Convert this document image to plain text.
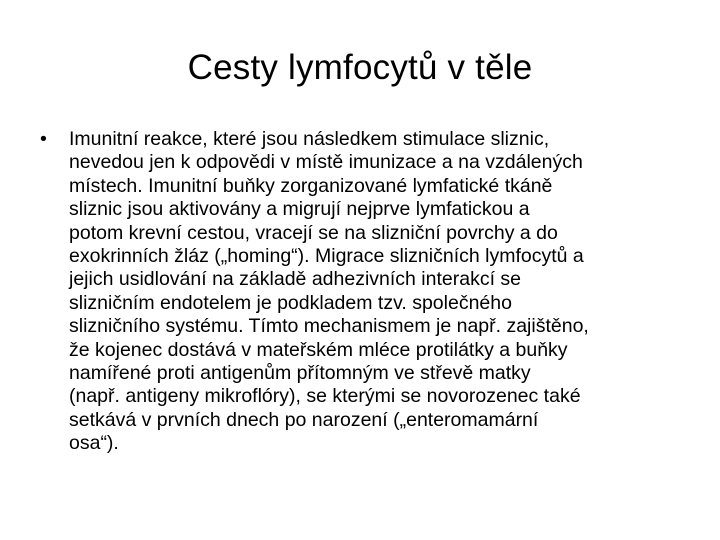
Cesty lymfocytů v těle
• Imunitní reakce, které jsou následkem stimulace sliznic,
nevedou jen k odpovědi v místě imunizace a na vzdálených
místech. Imunitní buňky zorganizované lymfatické tkáně
sliznic jsou aktivovány a migrují nejprve lymfatickou a
potom krevní cestou, vracejí se na slizniční povrchy a do
exokrinních žláz („homing“). Migrace slizničních lymfocytů a
jejich usidlování na základě adhezivních interakcí se
slizničním endotelem je podkladem tzv. společného
slizničního systému. Tímto mechanismem je např. zajištěno,
že kojenec dostává v mateřském mléce protilátky a buňky
namířené proti antigenům přítomným ve střevě matky
(např. antigeny mikroflóry), se kterými se novorozenec také
setkává v prvních dnech po narození („enteromamární
osa“).
